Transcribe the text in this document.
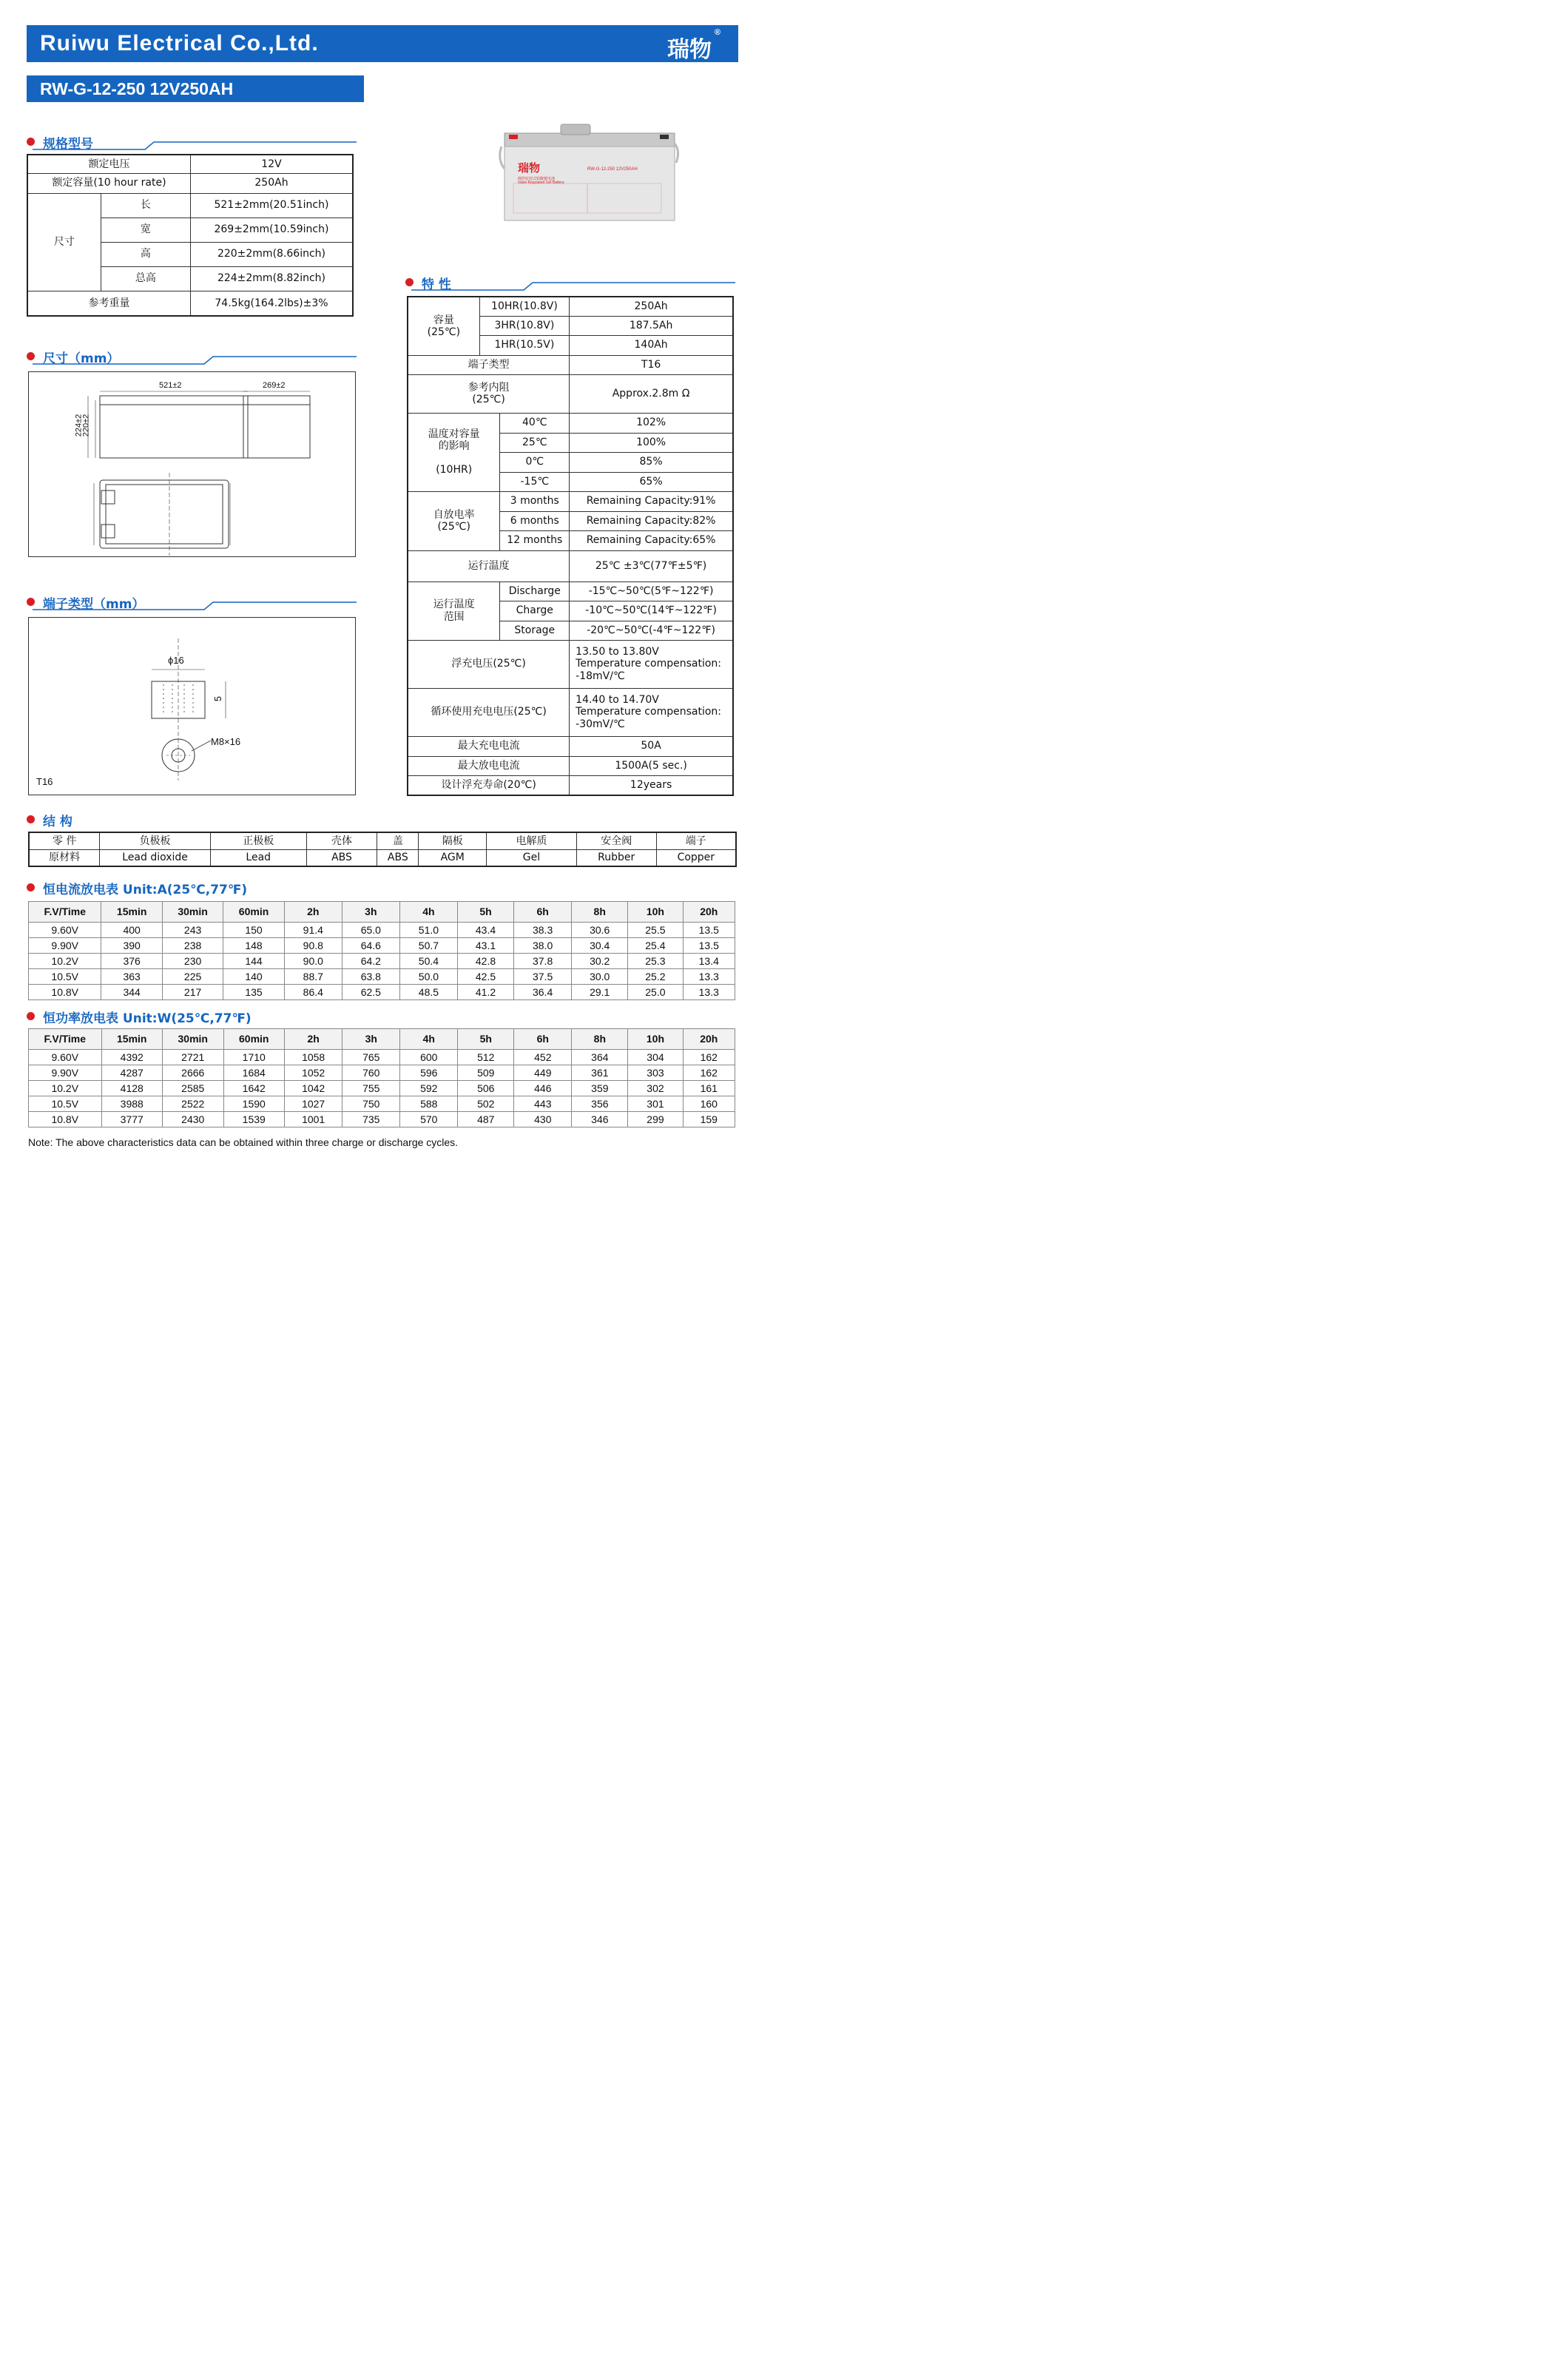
Ruiwu Electrical Co.,Ltd.	瑞物
®
RW-G-12-250 12V250AH
规格型号
额定电压		12V
额定容量(10 hour rate)		250Ah
尺寸	长	521±2mm(20.51inch)
	宽	269±2mm(10.59inch)
	高	220±2mm(8.66inch)
	总高	224±2mm(8.82inch)
参考重量		74.5kg(164.2lbs)±3%
瑞物	RW-G-12-250 12V250AH
阀控密封式铅酸蓄电池
Valve Regulated Gel Battery
特 性
容量
(25℃)	10HR(10.8V)		250Ah
	3HR(10.8V)		187.5Ah
	1HR(10.5V)		140Ah
端子类型			T16
参考内阻
(25℃)			Approx.2.8m Ω
温度对容量
的影响

(10HR)		40℃	102%
		25℃	100%
		0℃	85%
		-15℃	65%
自放电率
(25℃)		3 months	Remaining Capacity:91%
		6 months	Remaining Capacity:82%
		12 months	Remaining Capacity:65%
运行温度			25℃ ±3℃(77℉±5℉)
运行温度
范围		Discharge	-15℃~50℃(5℉~122℉)
		Charge	-10℃~50℃(14℉~122℉)
		Storage	-20℃~50℃(-4℉~122℉)
浮充电压(25℃)			13.50 to 13.80V
Temperature compensation:
-18mV/℃
循环使用充电电压(25℃)			14.40 to 14.70V
Temperature compensation:
-30mV/℃
最大充电电流			50A
最大放电电流			1500A(5 sec.)
设计浮充寿命(20℃)			12years
尺寸（mm）
521±2	269±2
224±2
220±2
端子类型（mm）
ϕ16
5
M8×16
T16
结 构
零 件	负极板	正极板	壳体	盖	隔板	电解质	安全阀	端子
原材料	Lead dioxide	Lead	ABS	ABS	AGM	Gel	Rubber	Copper
恒电流放电表 Unit:A(25℃,77℉)
F.V/Time	15min	30min	60min	2h	3h	4h	5h	6h	8h	10h	20h
9.60V	400	243	150	91.4	65.0	51.0	43.4	38.3	30.6	25.5	13.5
9.90V	390	238	148	90.8	64.6	50.7	43.1	38.0	30.4	25.4	13.5
10.2V	376	230	144	90.0	64.2	50.4	42.8	37.8	30.2	25.3	13.4
10.5V	363	225	140	88.7	63.8	50.0	42.5	37.5	30.0	25.2	13.3
10.8V	344	217	135	86.4	62.5	48.5	41.2	36.4	29.1	25.0	13.3
恒功率放电表 Unit:W(25℃,77℉)
F.V/Time	15min	30min	60min	2h	3h	4h	5h	6h	8h	10h	20h
9.60V	4392	2721	1710	1058	765	600	512	452	364	304	162
9.90V	4287	2666	1684	1052	760	596	509	449	361	303	162
10.2V	4128	2585	1642	1042	755	592	506	446	359	302	161
10.5V	3988	2522	1590	1027	750	588	502	443	356	301	160
10.8V	3777	2430	1539	1001	735	570	487	430	346	299	159
Note: The above characteristics data can be obtained within three charge or discharge cycles.
